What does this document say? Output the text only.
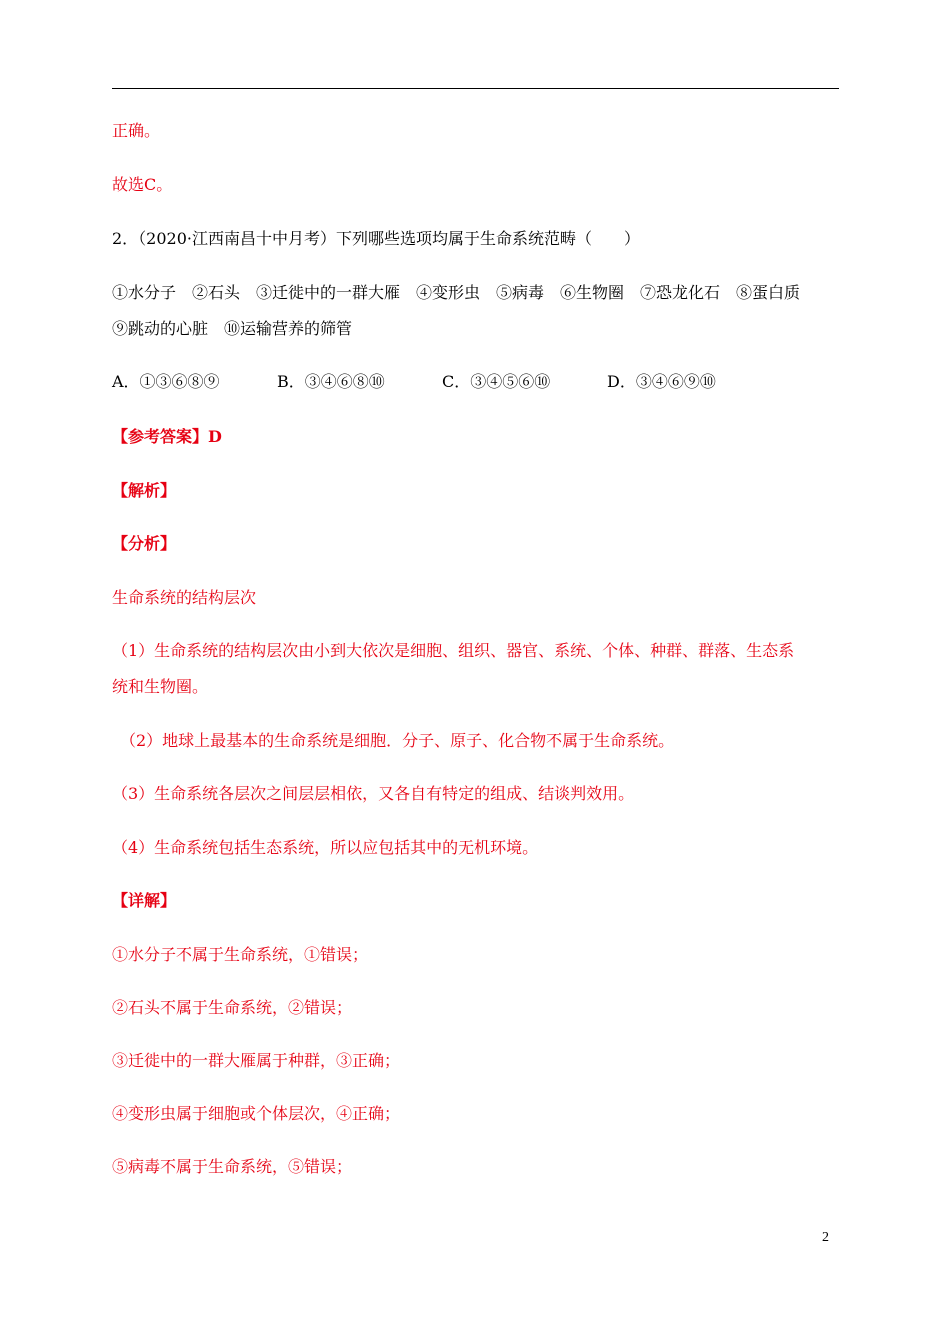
正确。
故选C。
2．（2020·江西南昌十中月考）下列哪些选项均属于生命系统范畴（　　）
①水分子　②石头　③迁徙中的一群大雁　④变形虫　⑤病毒　⑥生物圈　⑦恐龙化石　⑧蛋白质
⑨跳动的心脏　⑩运输营养的筛管
A．①③⑥⑧⑨	B．③④⑥⑧⑩	C．③④⑤⑥⑩	D．③④⑥⑨⑩
【参考答案】D
【解析】
【分析】
生命系统的结构层次
（1）生命系统的结构层次由小到大依次是细胞、组织、器官、系统、个体、种群、群落、生态系
统和生物圈。
（2）地球上最基本的生命系统是细胞．分子、原子、化合物不属于生命系统。
（3）生命系统各层次之间层层相依，又各自有特定的组成、结谈判效用。
（4）生命系统包括生态系统，所以应包括其中的无机环境。
【详解】
①水分子不属于生命系统，①错误；
②石头不属于生命系统，②错误；
③迁徙中的一群大雁属于种群，③正确；
④变形虫属于细胞或个体层次，④正确；
⑤病毒不属于生命系统，⑤错误；
2
